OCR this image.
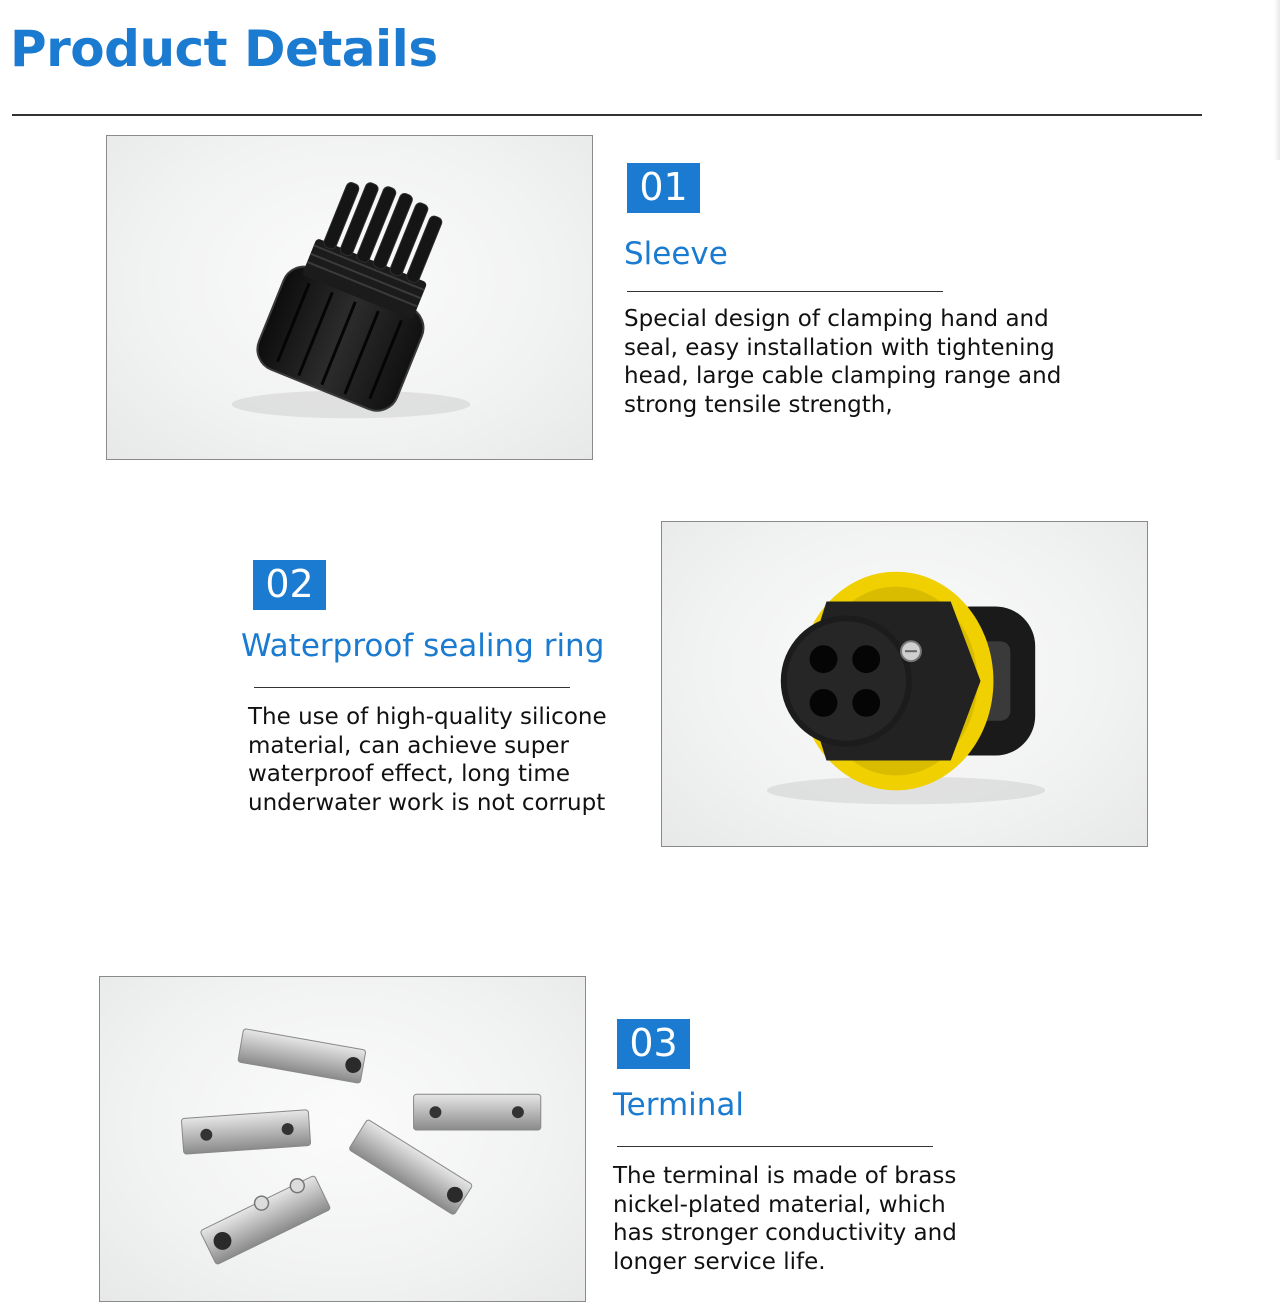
Product Details
01
Sleeve

Special design of clamping hand and seal, easy installation with tightening head, large cable clamping range and strong tensile strength,

02
Waterproof sealing ring

The use of high-quality silicone material, can achieve super waterproof effect, long time underwater work is not corrupt

03
Terminal

The terminal is made of brass nickel-plated material, which has stronger conductivity and longer service life.
